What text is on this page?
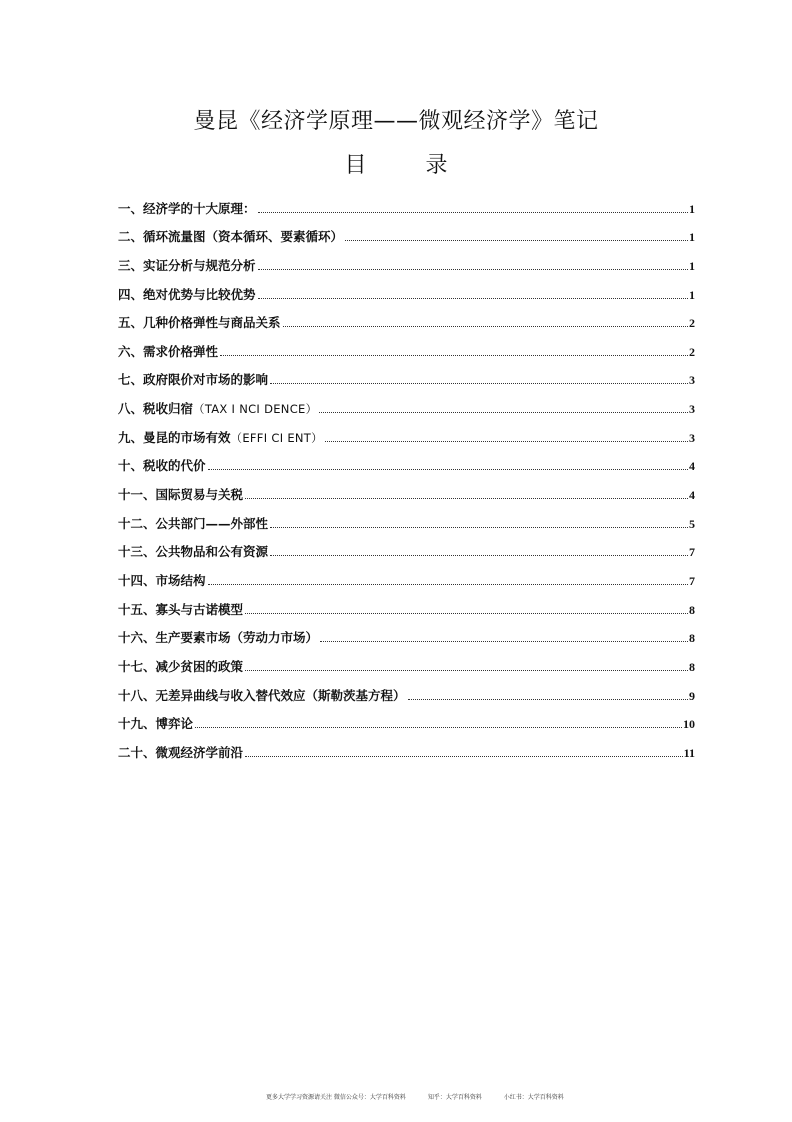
曼昆《经济学原理——微观经济学》笔记
目 录
一、经济学的十大原理：	1
二、循环流量图（资本循环、要素循环）	1
三、实证分析与规范分析	1
四、绝对优势与比较优势	1
五、几种价格弹性与商品关系	2
六、需求价格弹性	2
七、政府限价对市场的影响	3
八、税收归宿 （TAX I NCI DENCE）	3
九、曼昆的市场有效 （EFFI CI ENT）	3
十、税收的代价	4
十一、国际贸易与关税	4
十二、公共部门——外部性	5
十三、公共物品和公有资源	7
十四、市场结构	7
十五、寡头与古诺模型	8
十六、生产要素市场（劳动力市场）	8
十七、减少贫困的政策	8
十八、无差异曲线与收入替代效应（斯勒茨基方程）	9
十九、博弈论	10
二十、微观经济学前沿	11
更多大学学习资源请关注 微信公众号：大学百科资料	知乎：大学百科资料	小红书：大学百科资料
